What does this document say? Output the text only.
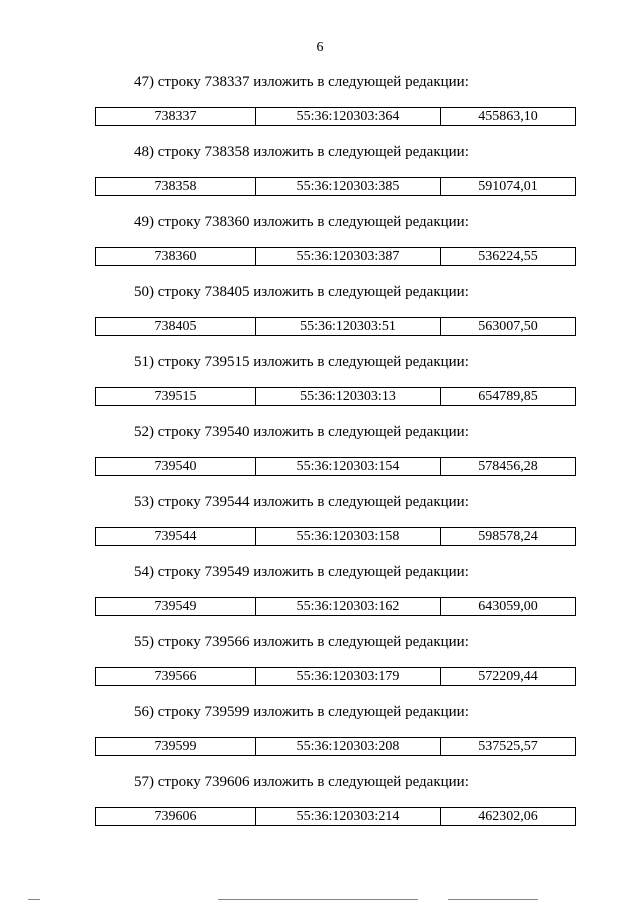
6
47) строку 738337 изложить в следующей редакции:
738337	55:36:120303:364	455863,10
48) строку 738358 изложить в следующей редакции:
738358	55:36:120303:385	591074,01
49) строку 738360 изложить в следующей редакции:
738360	55:36:120303:387	536224,55
50) строку 738405 изложить в следующей редакции:
738405	55:36:120303:51	563007,50
51) строку 739515 изложить в следующей редакции:
739515	55:36:120303:13	654789,85
52) строку 739540 изложить в следующей редакции:
739540	55:36:120303:154	578456,28
53) строку 739544 изложить в следующей редакции:
739544	55:36:120303:158	598578,24
54) строку 739549 изложить в следующей редакции:
739549	55:36:120303:162	643059,00
55) строку 739566 изложить в следующей редакции:
739566	55:36:120303:179	572209,44
56) строку 739599 изложить в следующей редакции:
739599	55:36:120303:208	537525,57
57) строку 739606 изложить в следующей редакции:
739606	55:36:120303:214	462302,06
